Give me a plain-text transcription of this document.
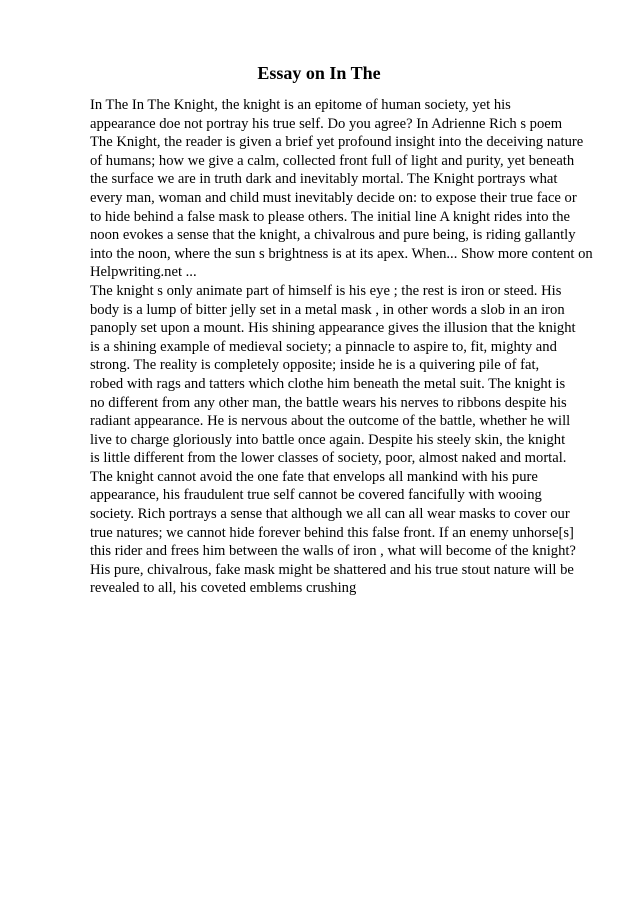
Essay on In The
In The In The Knight, the knight is an epitome of human society, yet his
appearance doe not portray his true self. Do you agree? In Adrienne Rich s poem
The Knight, the reader is given a brief yet profound insight into the deceiving nature
of humans; how we give a calm, collected front full of light and purity, yet beneath
the surface we are in truth dark and inevitably mortal. The Knight portrays what
every man, woman and child must inevitably decide on: to expose their true face or
to hide behind a false mask to please others. The initial line A knight rides into the
noon evokes a sense that the knight, a chivalrous and pure being, is riding gallantly
into the noon, where the sun s brightness is at its apex. When... Show more content on
Helpwriting.net ...
The knight s only animate part of himself is his eye ; the rest is iron or steed. His
body is a lump of bitter jelly set in a metal mask , in other words a slob in an iron
panoply set upon a mount. His shining appearance gives the illusion that the knight
is a shining example of medieval society; a pinnacle to aspire to, fit, mighty and
strong. The reality is completely opposite; inside he is a quivering pile of fat,
robed with rags and tatters which clothe him beneath the metal suit. The knight is
no different from any other man, the battle wears his nerves to ribbons despite his
radiant appearance. He is nervous about the outcome of the battle, whether he will
live to charge gloriously into battle once again. Despite his steely skin, the knight
is little different from the lower classes of society, poor, almost naked and mortal.
The knight cannot avoid the one fate that envelops all mankind with his pure
appearance, his fraudulent true self cannot be covered fancifully with wooing
society. Rich portrays a sense that although we all can all wear masks to cover our
true natures; we cannot hide forever behind this false front. If an enemy unhorse[s]
this rider and frees him between the walls of iron , what will become of the knight?
His pure, chivalrous, fake mask might be shattered and his true stout nature will be
revealed to all, his coveted emblems crushing
